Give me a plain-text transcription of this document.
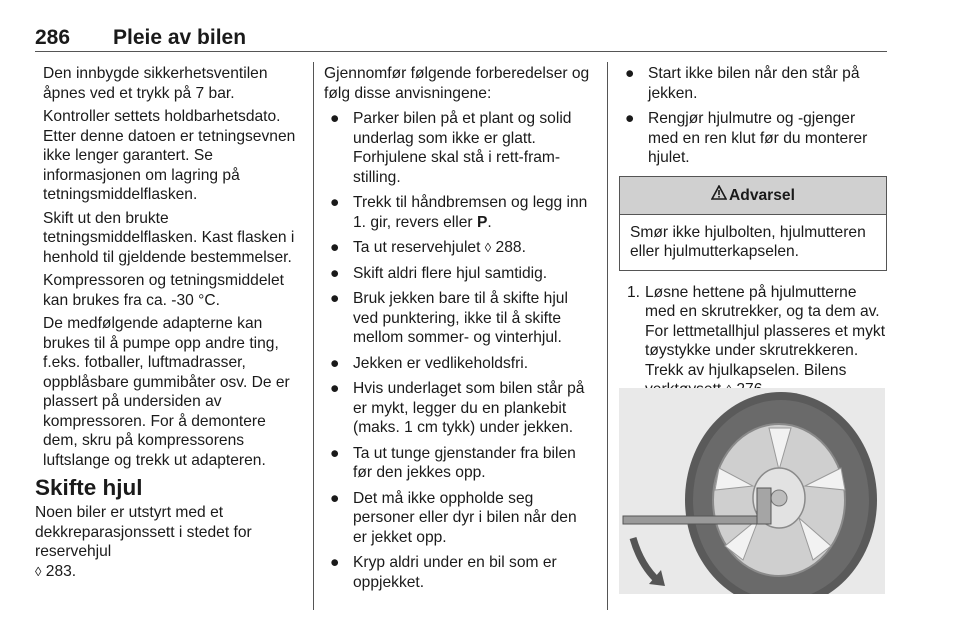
286 Pleie av bilen

Den innbygde sikkerhetsventilen åpnes ved et trykk på 7 bar.

Kontroller settets holdbarhetsdato. Etter denne datoen er tetningsevnen ikke lenger garantert. Se informasjonen om lagring på tetningsmiddelflasken.

Skift ut den brukte tetningsmiddelflasken. Kast flasken i henhold til gjeldende bestemmelser.

Kompressoren og tetningsmiddelet kan brukes fra ca. -30 °C.

De medfølgende adapterne kan brukes til å pumpe opp andre ting, f.eks. fotballer, luftmadrasser, oppblåsbare gummibåter osv. De er plassert på undersiden av kompressoren. For å demontere dem, skru på kompressorens luftslange og trekk ut adapteren.

Skifte hjul

Noen biler er utstyrt med et dekkreparasjonssett i stedet for reservehjul
◊ 283.

Gjennomfør følgende forberedelser og følg disse anvisningene:

● Parker bilen på et plant og solid underlag som ikke er glatt. Forhjulene skal stå i rett-fram-stilling.
● Trekk til håndbremsen og legg inn 1. gir, revers eller P.
● Ta ut reservehjulet ◊ 288.
● Skift aldri flere hjul samtidig.
● Bruk jekken bare til å skifte hjul ved punktering, ikke til å skifte mellom sommer- og vinterhjul.
● Jekken er vedlikeholdsfri.
● Hvis underlaget som bilen står på er mykt, legger du en plankebit (maks. 1 cm tykk) under jekken.
● Ta ut tunge gjenstander fra bilen før den jekkes opp.
● Det må ikke oppholde seg personer eller dyr i bilen når den er jekket opp.
● Kryp aldri under en bil som er oppjekket.
● Start ikke bilen når den står på jekken.
● Rengjør hjulmutre og -gjenger med en ren klut før du monterer hjulet.
Advarsel
Smør ikke hjulbolten, hjulmutteren eller hjulmutterkapselen.
1. Løsne hettene på hjulmutterne med en skrutrekker, og ta dem av. For lettmetallhjul plasseres et mykt tøystykke under skrutrekkeren. Trekk av hjulkapselen. Bilens
